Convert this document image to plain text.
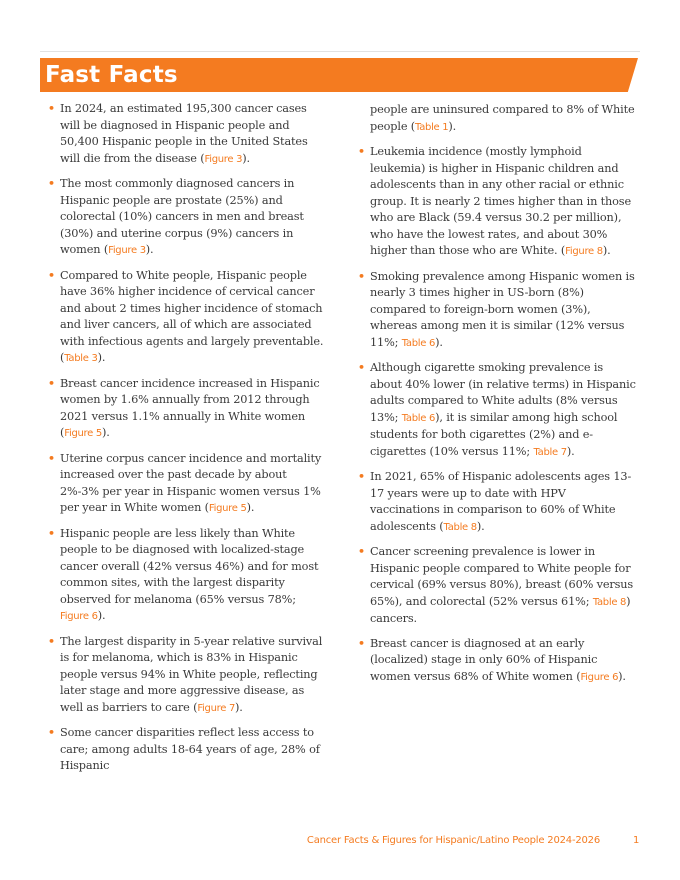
Fast Facts
• In 2024, an estimated 195,300 cancer cases will be diagnosed in Hispanic people and 50,400 Hispanic people in the United States will die from the disease (Figure 3).
• The most commonly diagnosed cancers in Hispanic people are prostate (25%) and colorectal (10%) cancers in men and breast (30%) and uterine corpus (9%) cancers in women (Figure 3).
• Compared to White people, Hispanic people have 36% higher incidence of cervical cancer and about 2 times higher incidence of stomach and liver cancers, all of which are associated with infectious agents and largely preventable. (Table 3).
• Breast cancer incidence increased in Hispanic women by 1.6% annually from 2012 through 2021 versus 1.1% annually in White women (Figure 5).
• Uterine corpus cancer incidence and mortality increased over the past decade by about 2%-3% per year in Hispanic women versus 1% per year in White women (Figure 5).
• Hispanic people are less likely than White people to be diagnosed with localized-stage cancer overall (42% versus 46%) and for most common sites, with the largest disparity observed for melanoma (65% versus 78%; Figure 6).
• The largest disparity in 5-year relative survival is for melanoma, which is 83% in Hispanic people versus 94% in White people, reflecting later stage and more aggressive disease, as well as barriers to care (Figure 7).
• Some cancer disparities reflect less access to care; among adults 18-64 years of age, 28% of Hispanic
people are uninsured compared to 8% of White people (Table 1).
• Leukemia incidence (mostly lymphoid leukemia) is higher in Hispanic children and adolescents than in any other racial or ethnic group. It is nearly 2 times higher than in those who are Black (59.4 versus 30.2 per million), who have the lowest rates, and about 30% higher than those who are White. (Figure 8).
• Smoking prevalence among Hispanic women is nearly 3 times higher in US-born (8%) compared to foreign-born women (3%), whereas among men it is similar (12% versus 11%; Table 6).
• Although cigarette smoking prevalence is about 40% lower (in relative terms) in Hispanic adults compared to White adults (8% versus 13%; Table 6), it is similar among high school students for both cigarettes (2%) and e-cigarettes (10% versus 11%; Table 7).
• In 2021, 65% of Hispanic adolescents ages 13-17 years were up to date with HPV vaccinations in comparison to 60% of White adolescents (Table 8).
• Cancer screening prevalence is lower in Hispanic people compared to White people for cervical (69% versus 80%), breast (60% versus 65%), and colorectal (52% versus 61%; Table 8) cancers.
• Breast cancer is diagnosed at an early (localized) stage in only 60% of Hispanic women versus 68% of White women (Figure 6).
Cancer Facts & Figures for Hispanic/Latino People 2024-2026	1
